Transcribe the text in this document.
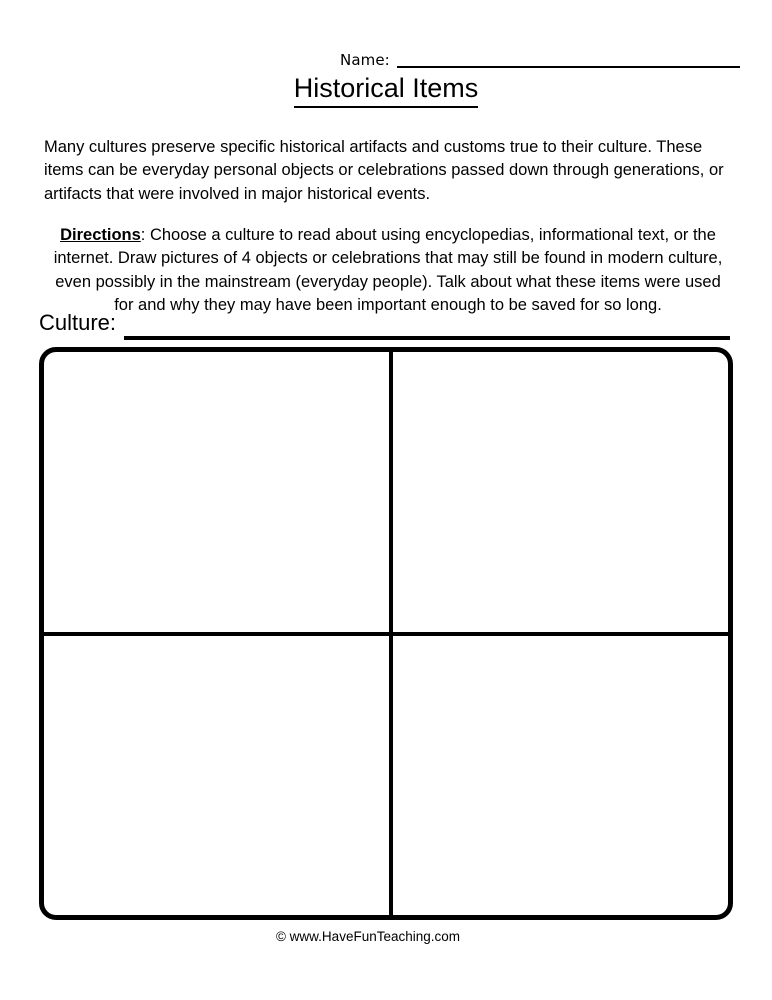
Name:
Historical Items

Many cultures preserve specific historical artifacts and customs true to their culture. These items can be everyday personal objects or celebrations passed down through generations, or artifacts that were involved in major historical events.

Directions: Choose a culture to read about using encyclopedias, informational text, or the internet. Draw pictures of 4 objects or celebrations that may still be found in modern culture, even possibly in the mainstream (everyday people). Talk about what these items were used for and why they may have been important enough to be saved for so long.

Culture:
© www.HaveFunTeaching.com
